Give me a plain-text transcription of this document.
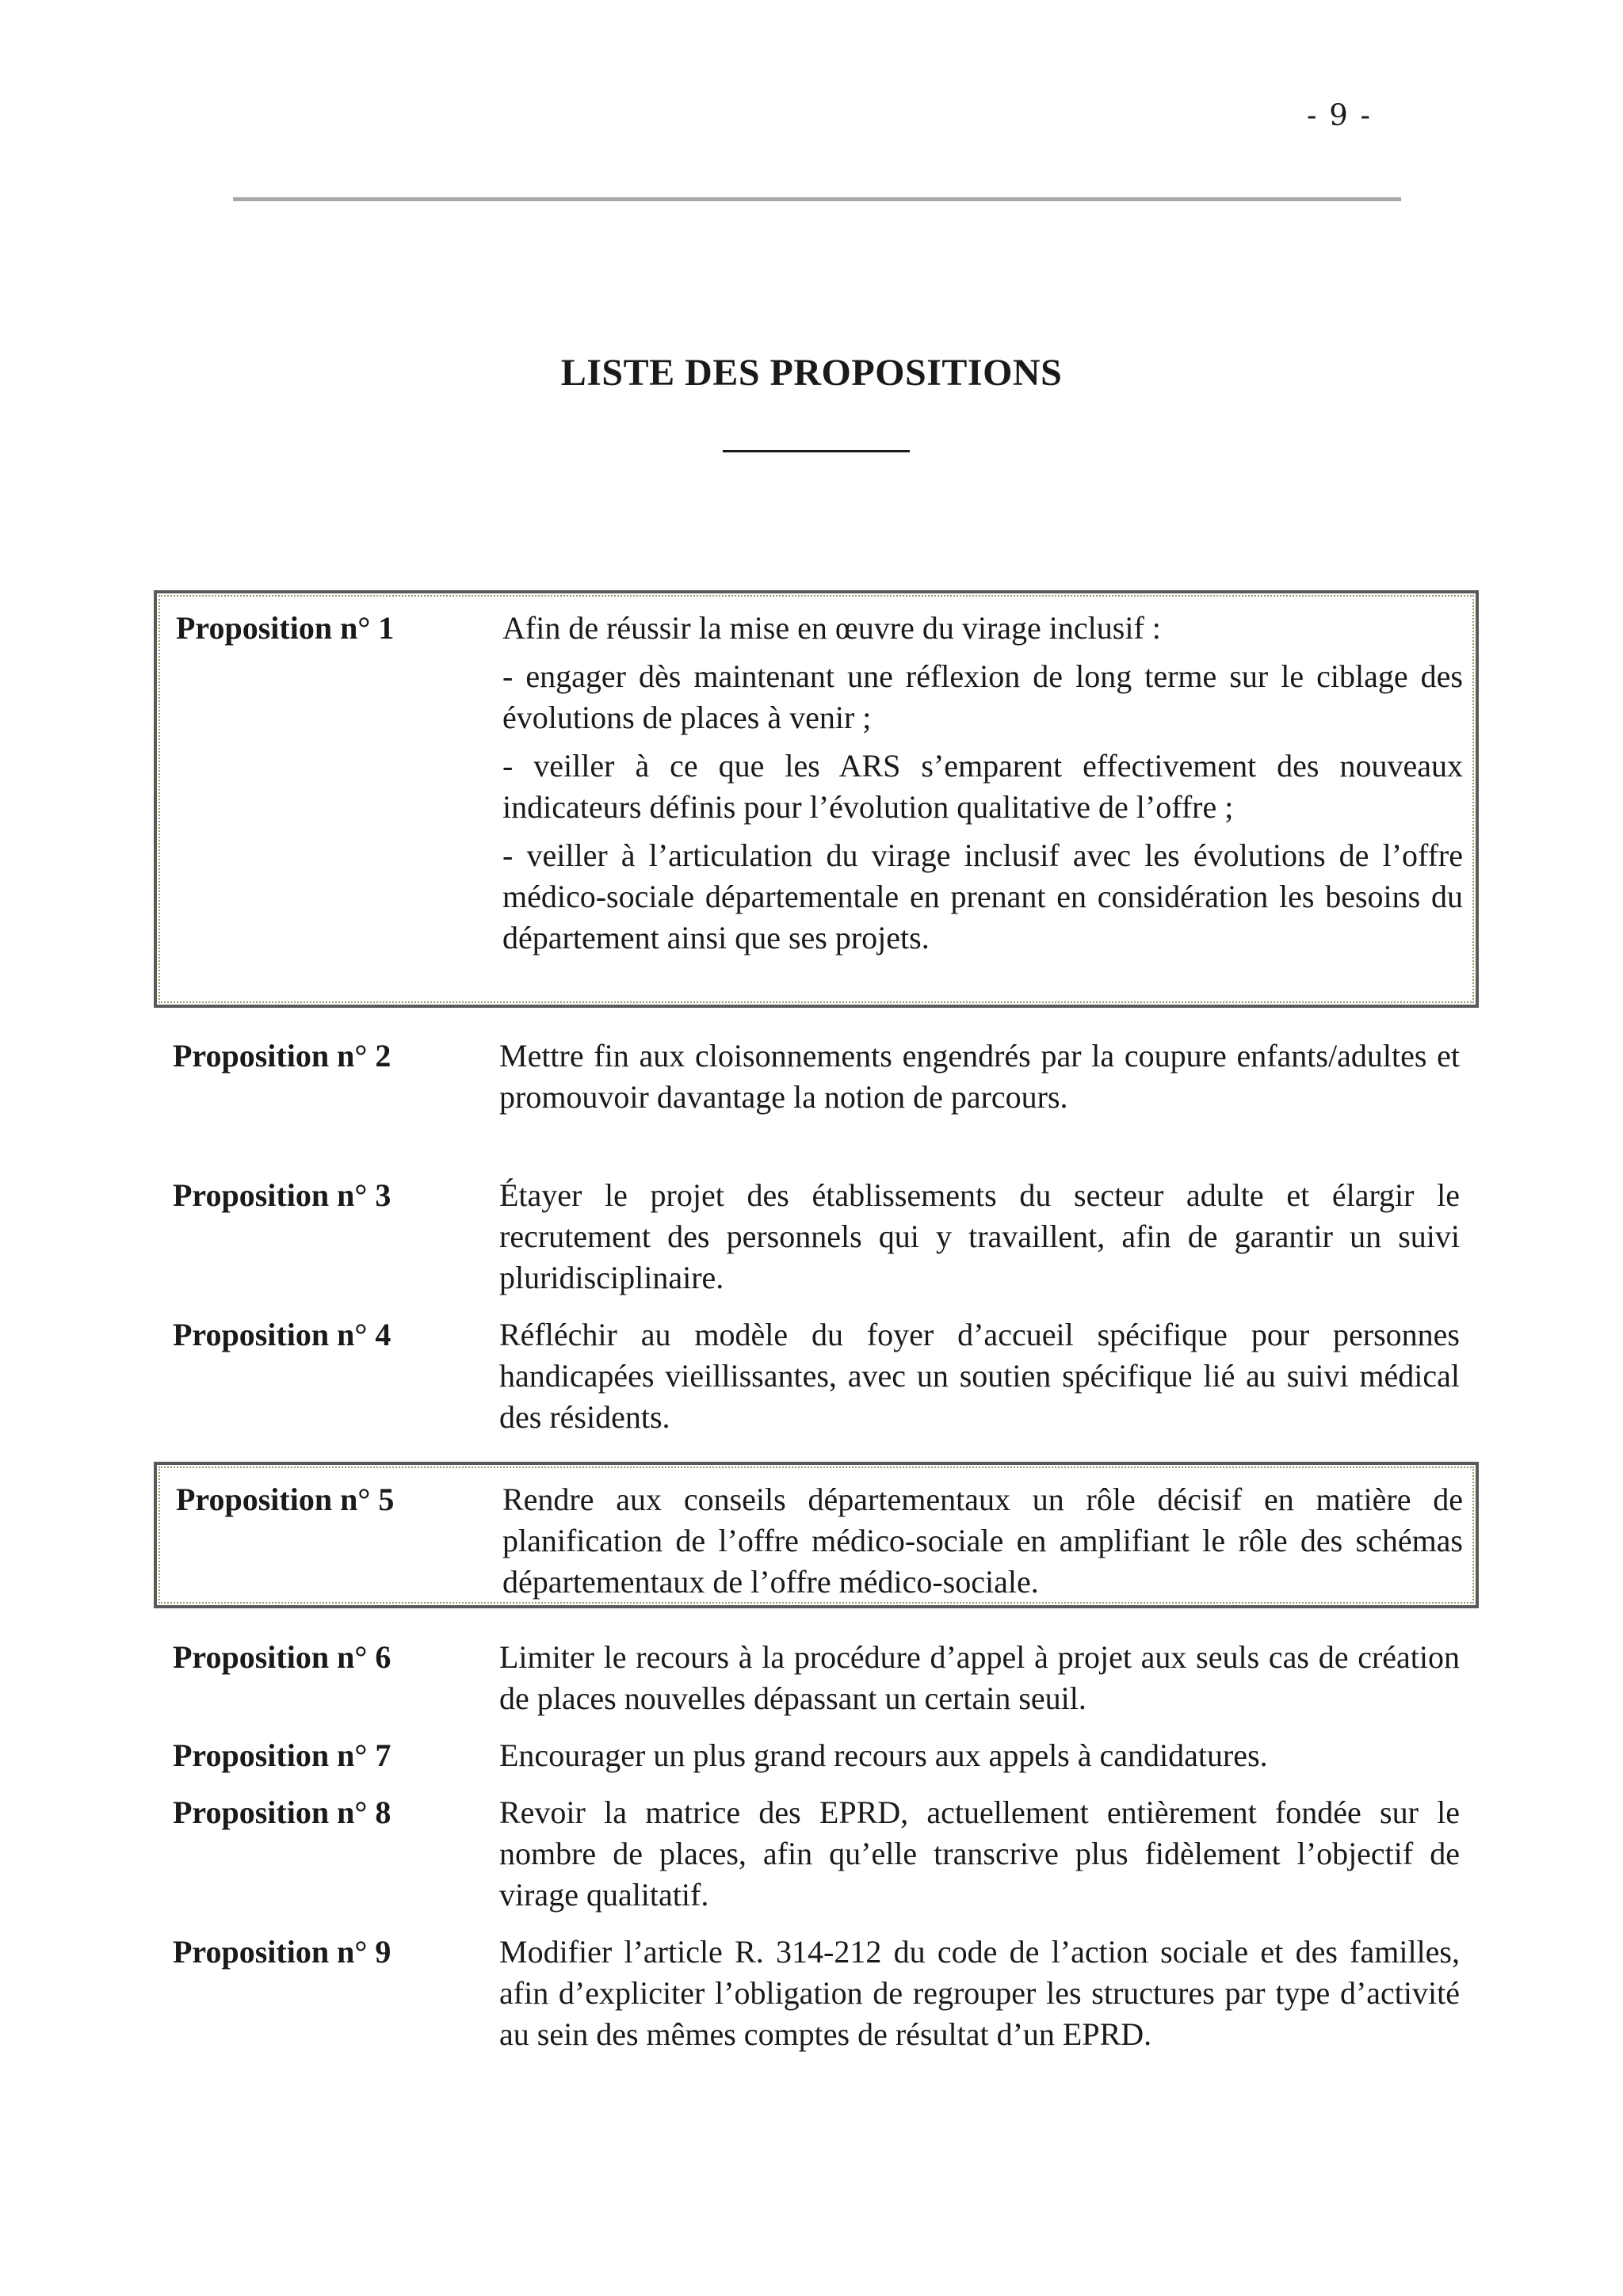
- 9 -
LISTE DES PROPOSITIONS
Proposition n° 1	Afin de réussir la mise en œuvre du virage inclusif :

- engager dès maintenant une réflexion de long terme sur le ciblage des évolutions de places à venir ;

- veiller à ce que les ARS s’emparent effectivement des nouveaux indicateurs définis pour l’évolution qualitative de l’offre ;

- veiller à l’articulation du virage inclusif avec les évolutions de l’offre médico-sociale départementale en prenant en considération les besoins du département ainsi que ses projets.

Proposition n° 2	Mettre fin aux cloisonnements engendrés par la coupure enfants/adultes et promouvoir davantage la notion de parcours.
Proposition n° 3	Étayer le projet des établissements du secteur adulte et élargir le recrutement des personnels qui y travaillent, afin de garantir un suivi pluridisciplinaire.
Proposition n° 4	Réfléchir au modèle du foyer d’accueil spécifique pour personnes handicapées vieillissantes, avec un soutien spécifique lié au suivi médical des résidents.
Proposition n° 5	Rendre aux conseils départementaux un rôle décisif en matière de planification de l’offre médico-sociale en amplifiant le rôle des schémas départementaux de l’offre médico-sociale.
Proposition n° 6	Limiter le recours à la procédure d’appel à projet aux seuls cas de création de places nouvelles dépassant un certain seuil.
Proposition n° 7	Encourager un plus grand recours aux appels à candidatures.
Proposition n° 8	Revoir la matrice des EPRD, actuellement entièrement fondée sur le nombre de places, afin qu’elle transcrive plus fidèlement l’objectif de virage qualitatif.
Proposition n° 9	Modifier l’article R. 314-212 du code de l’action sociale et des familles, afin d’expliciter l’obligation de regrouper les structures par type d’activité au sein des mêmes comptes de résultat d’un EPRD.
